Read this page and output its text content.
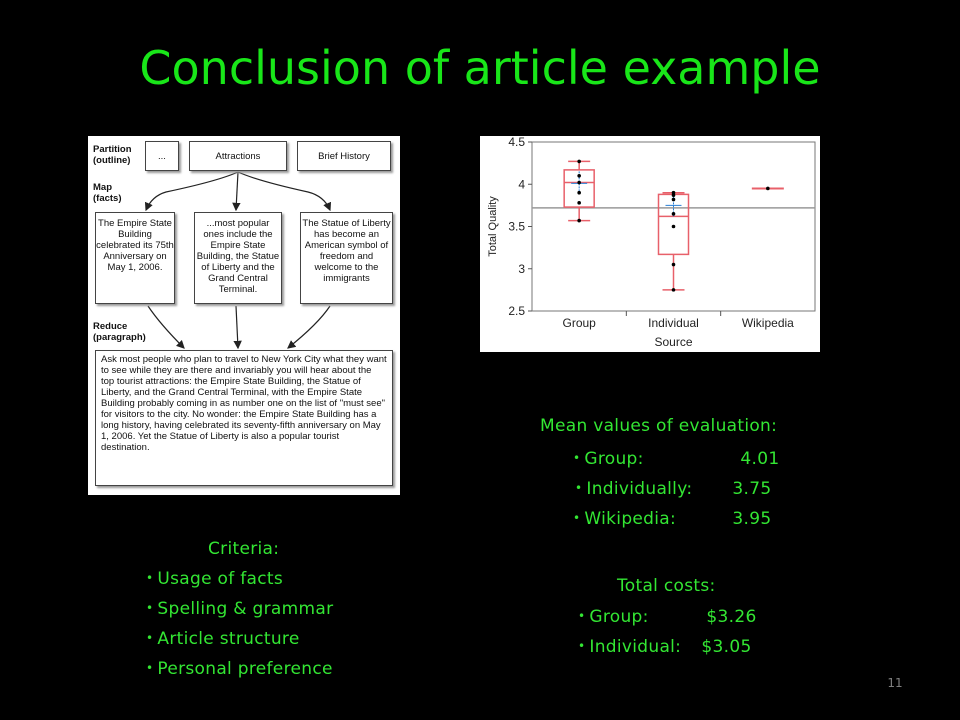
Conclusion of article example
Partition
(outline)
Map
(facts)
Reduce
(paragraph)
...	Attractions	Brief History
The Empire State Building celebrated its 75th Anniversary on May 1, 2006.
...most popular ones include the Empire State Building, the Statue of Liberty and the Grand Central Terminal.
The Statue of Liberty has become an American symbol of freedom and welcome to the immigrants
Ask most people who plan to travel to New York City what they want to see while they are there and invariably you will hear about the top tourist attractions: the Empire State Building, the Statue of Liberty, and the Grand Central Terminal, with the Empire State Building probably coming in as number one on the list of "must see" for visitors to the city. No wonder: the Empire State Building has a long history, having celebrated its seventy-fifth anniversary on May 1, 2006. Yet the Statue of Liberty is also a popular tourist destination.
2.5
3
3.5
4
4.5
Total Quality
Source
Group	Individual	Wikipedia
Mean values of evaluation:
• Group:	4.01
• Individually: 3.75
• Wikipedia:	3.95
Total costs:
• Group:	$3.26
• Individual: $3.05
Criteria:
• Usage of facts
• Spelling & grammar
• Article structure
• Personal preference
11
